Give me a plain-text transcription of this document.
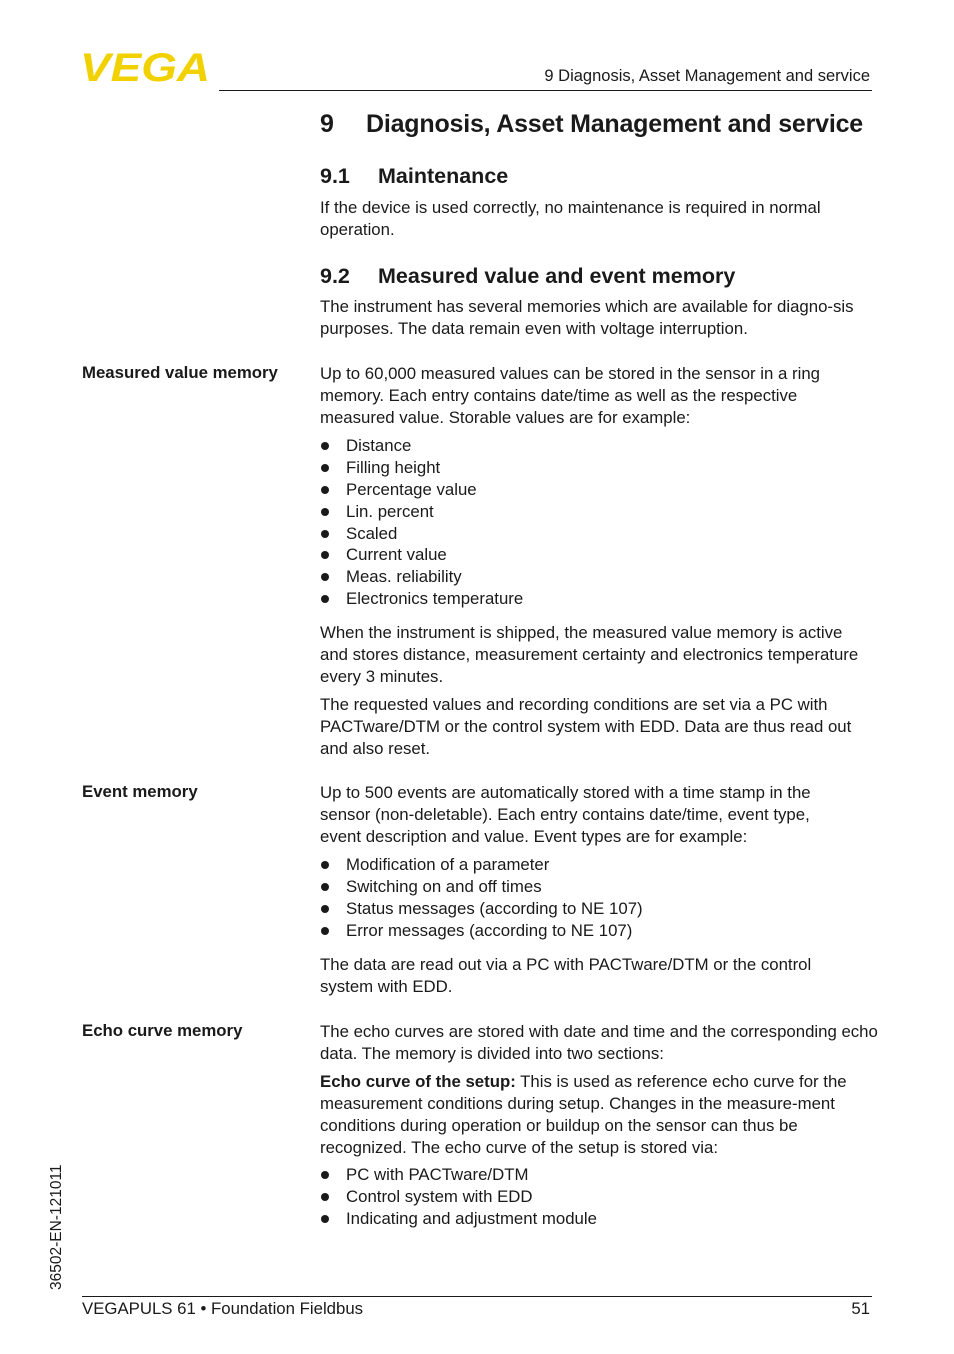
VEGA	9 Diagnosis, Asset Management and service
9 Diagnosis, Asset Management and service
9.1 Maintenance
If the device is used correctly, no maintenance is required in normal operation.
9.2 Measured value and event memory
The instrument has several memories which are available for diagno-sis purposes. The data remain even with voltage interruption.
Measured value memory	Up to 60,000 measured values can be stored in the sensor in a ring memory. Each entry contains date/time as well as the respective measured value. Storable values are for example:
Distance
Filling height
Percentage value
Lin. percent
Scaled
Current value
Meas. reliability
Electronics temperature
When the instrument is shipped, the measured value memory is active and stores distance, measurement certainty and electronics temperature every 3 minutes.
The requested values and recording conditions are set via a PC with PACTware/DTM or the control system with EDD. Data are thus read out and also reset.
Event memory	Up to 500 events are automatically stored with a time stamp in the sensor (non-deletable). Each entry contains date/time, event type, event description and value. Event types are for example:
Modification of a parameter
Switching on and off times
Status messages (according to NE 107)
Error messages (according to NE 107)
The data are read out via a PC with PACTware/DTM or the control system with EDD.
Echo curve memory	The echo curves are stored with date and time and the corresponding echo data. The memory is divided into two sections:
Echo curve of the setup: This is used as reference echo curve for the measurement conditions during setup. Changes in the measure-ment conditions during operation or buildup on the sensor can thus be recognized. The echo curve of the setup is stored via:
PC with PACTware/DTM
Control system with EDD
Indicating and adjustment module
36502-EN-121011
VEGAPULS 61 • Foundation Fieldbus	51
